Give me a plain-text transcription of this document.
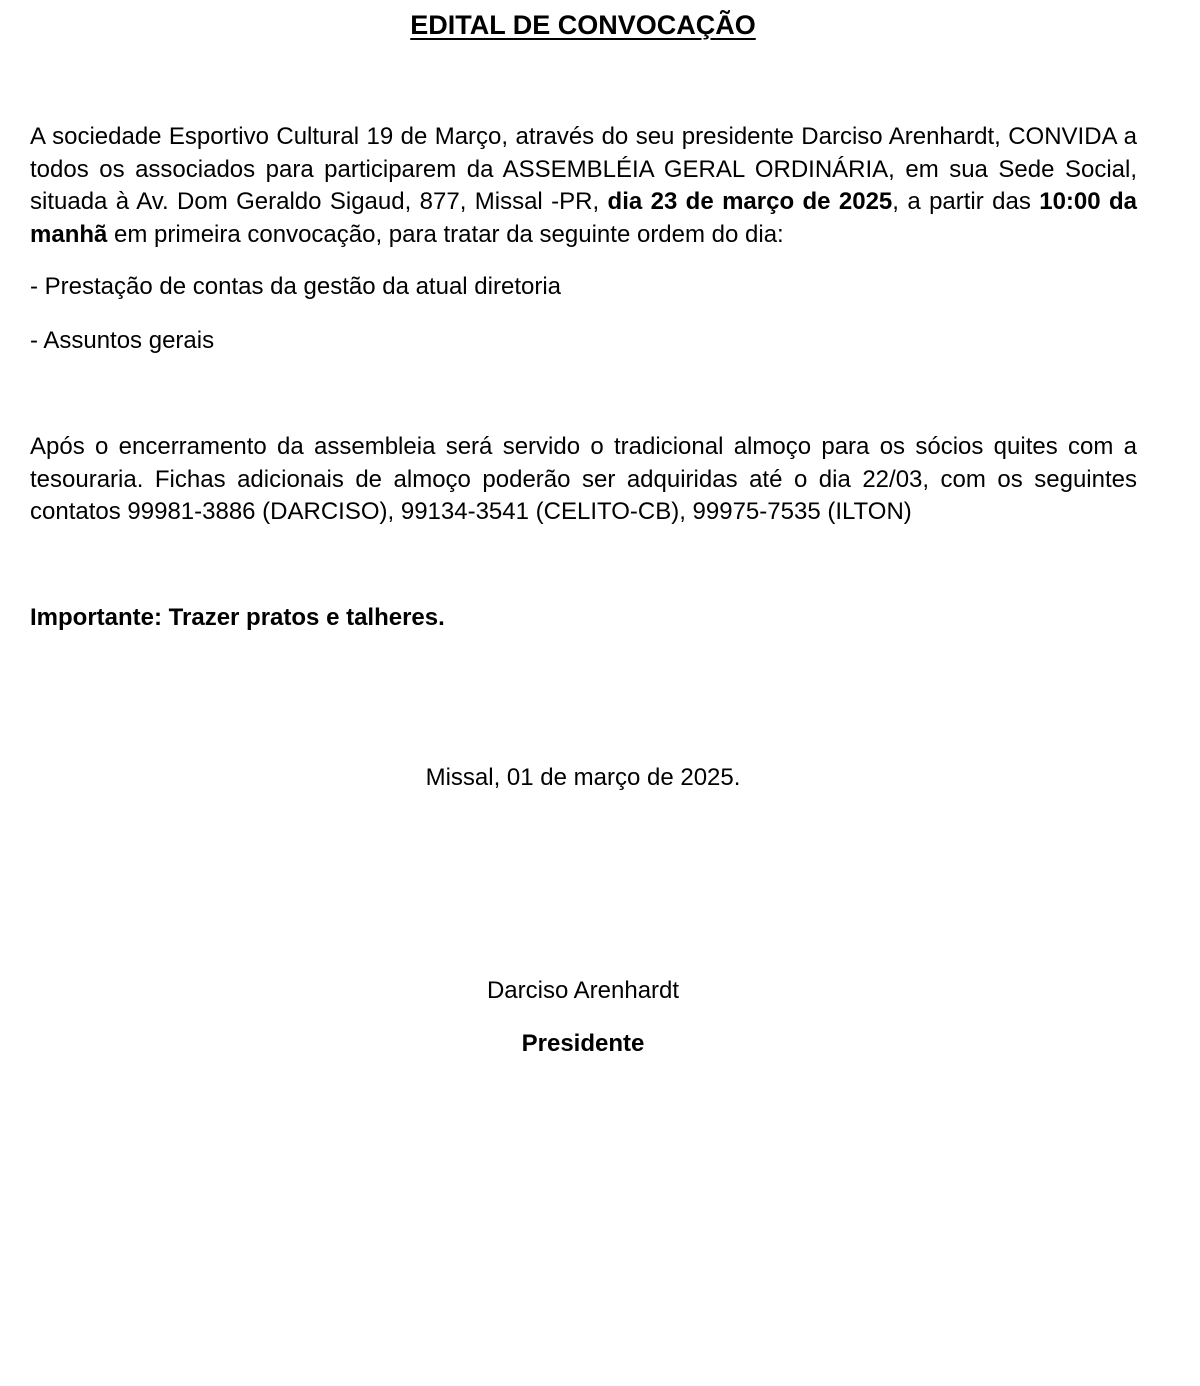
EDITAL DE CONVOCAÇÃO

A sociedade Esportivo Cultural 19 de Março, através do seu presidente Darciso Arenhardt, CONVIDA a todos os associados para participarem da ASSEMBLÉIA GERAL ORDINÁRIA, em sua Sede Social, situada à Av. Dom Geraldo Sigaud, 877, Missal -PR, dia 23 de março de 2025, a partir das 10:00 da manhã em primeira convocação, para tratar da seguinte ordem do dia:

- Prestação de contas da gestão da atual diretoria

- Assuntos gerais

Após o encerramento da assembleia será servido o tradicional almoço para os sócios quites com a tesouraria. Fichas adicionais de almoço poderão ser adquiridas até o dia 22/03, com os seguintes contatos 99981-3886 (DARCISO), 99134-3541 (CELITO-CB), 99975-7535 (ILTON)

Importante: Trazer pratos e talheres.

Missal, 01 de março de 2025.

Darciso Arenhardt

Presidente
